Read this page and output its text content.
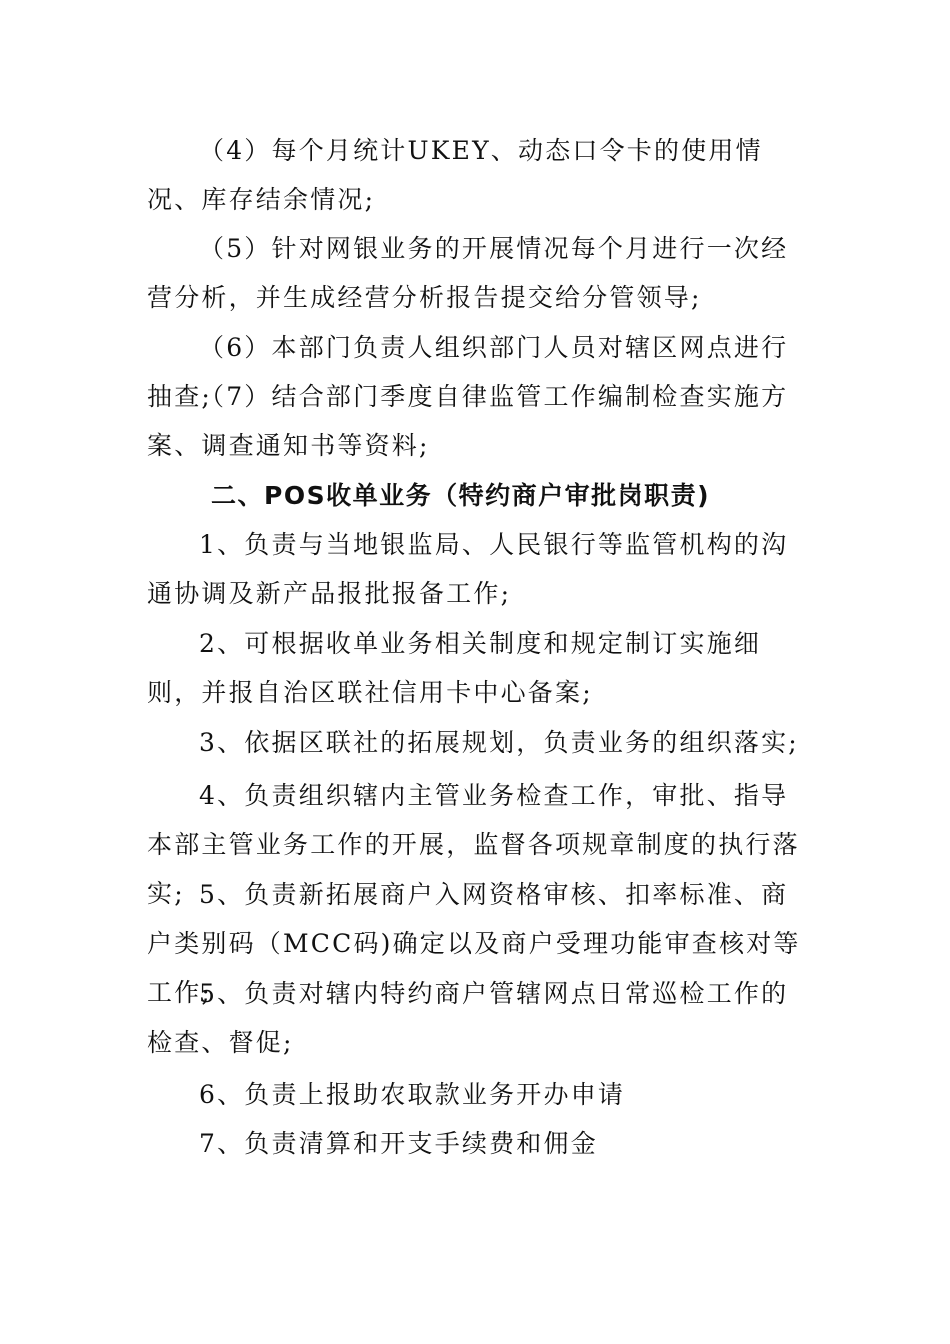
（4）每个月统计UKEY、动态口令卡的使用情况、库存结余情况;

（5）针对网银业务的开展情况每个月进行一次经营分析，并生成经营分析报告提交给分管领导;

（6）本部门负责人组织部门人员对辖区网点进行抽查;

（7）结合部门季度自律监管工作编制检查实施方案、调查通知书等资料;

二、POS收单业务（特约商户审批岗职责)

1、负责与当地银监局、人民银行等监管机构的沟通协调及新产品报批报备工作;

2、可根据收单业务相关制度和规定制订实施细则，并报自治区联社信用卡中心备案;

3、依据区联社的拓展规划，负责业务的组织落实;

4、负责组织辖内主管业务检查工作，审批、指导本部主管业务工作的开展，监督各项规章制度的执行落实; 5、负责新拓展商户入网资格审核、扣率标准、商户类别码（MCC码)确定以及商户受理功能审查核对等工作;

5、负责对辖内特约商户管辖网点日常巡检工作的检查、督促;

6、负责上报助农取款业务开办申请

7、负责清算和开支手续费和佣金
